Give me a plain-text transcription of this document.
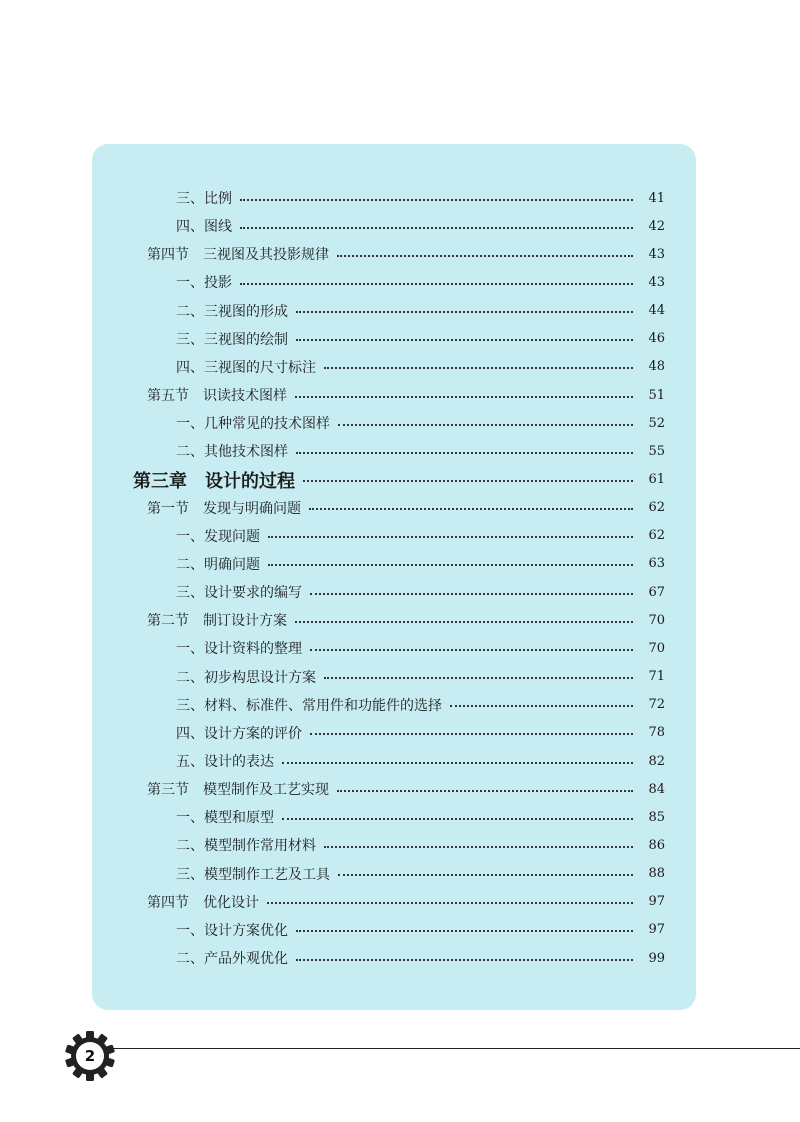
三、比例	41
四、图线	42
第四节　三视图及其投影规律	43
一、投影	43
二、三视图的形成	44
三、三视图的绘制	46
四、三视图的尺寸标注	48
第五节　识读技术图样	51
一、几种常见的技术图样	52
二、其他技术图样	55
第三章　设计的过程	61
第一节　发现与明确问题	62
一、发现问题	62
二、明确问题	63
三、设计要求的编写	67
第二节　制订设计方案	70
一、设计资料的整理	70
二、初步构思设计方案	71
三、材料、标准件、常用件和功能件的选择	72
四、设计方案的评价	78
五、设计的表达	82
第三节　模型制作及工艺实现	84
一、模型和原型	85
二、模型制作常用材料	86
三、模型制作工艺及工具	88
第四节　优化设计	97
一、设计方案优化	97
二、产品外观优化	99
2
